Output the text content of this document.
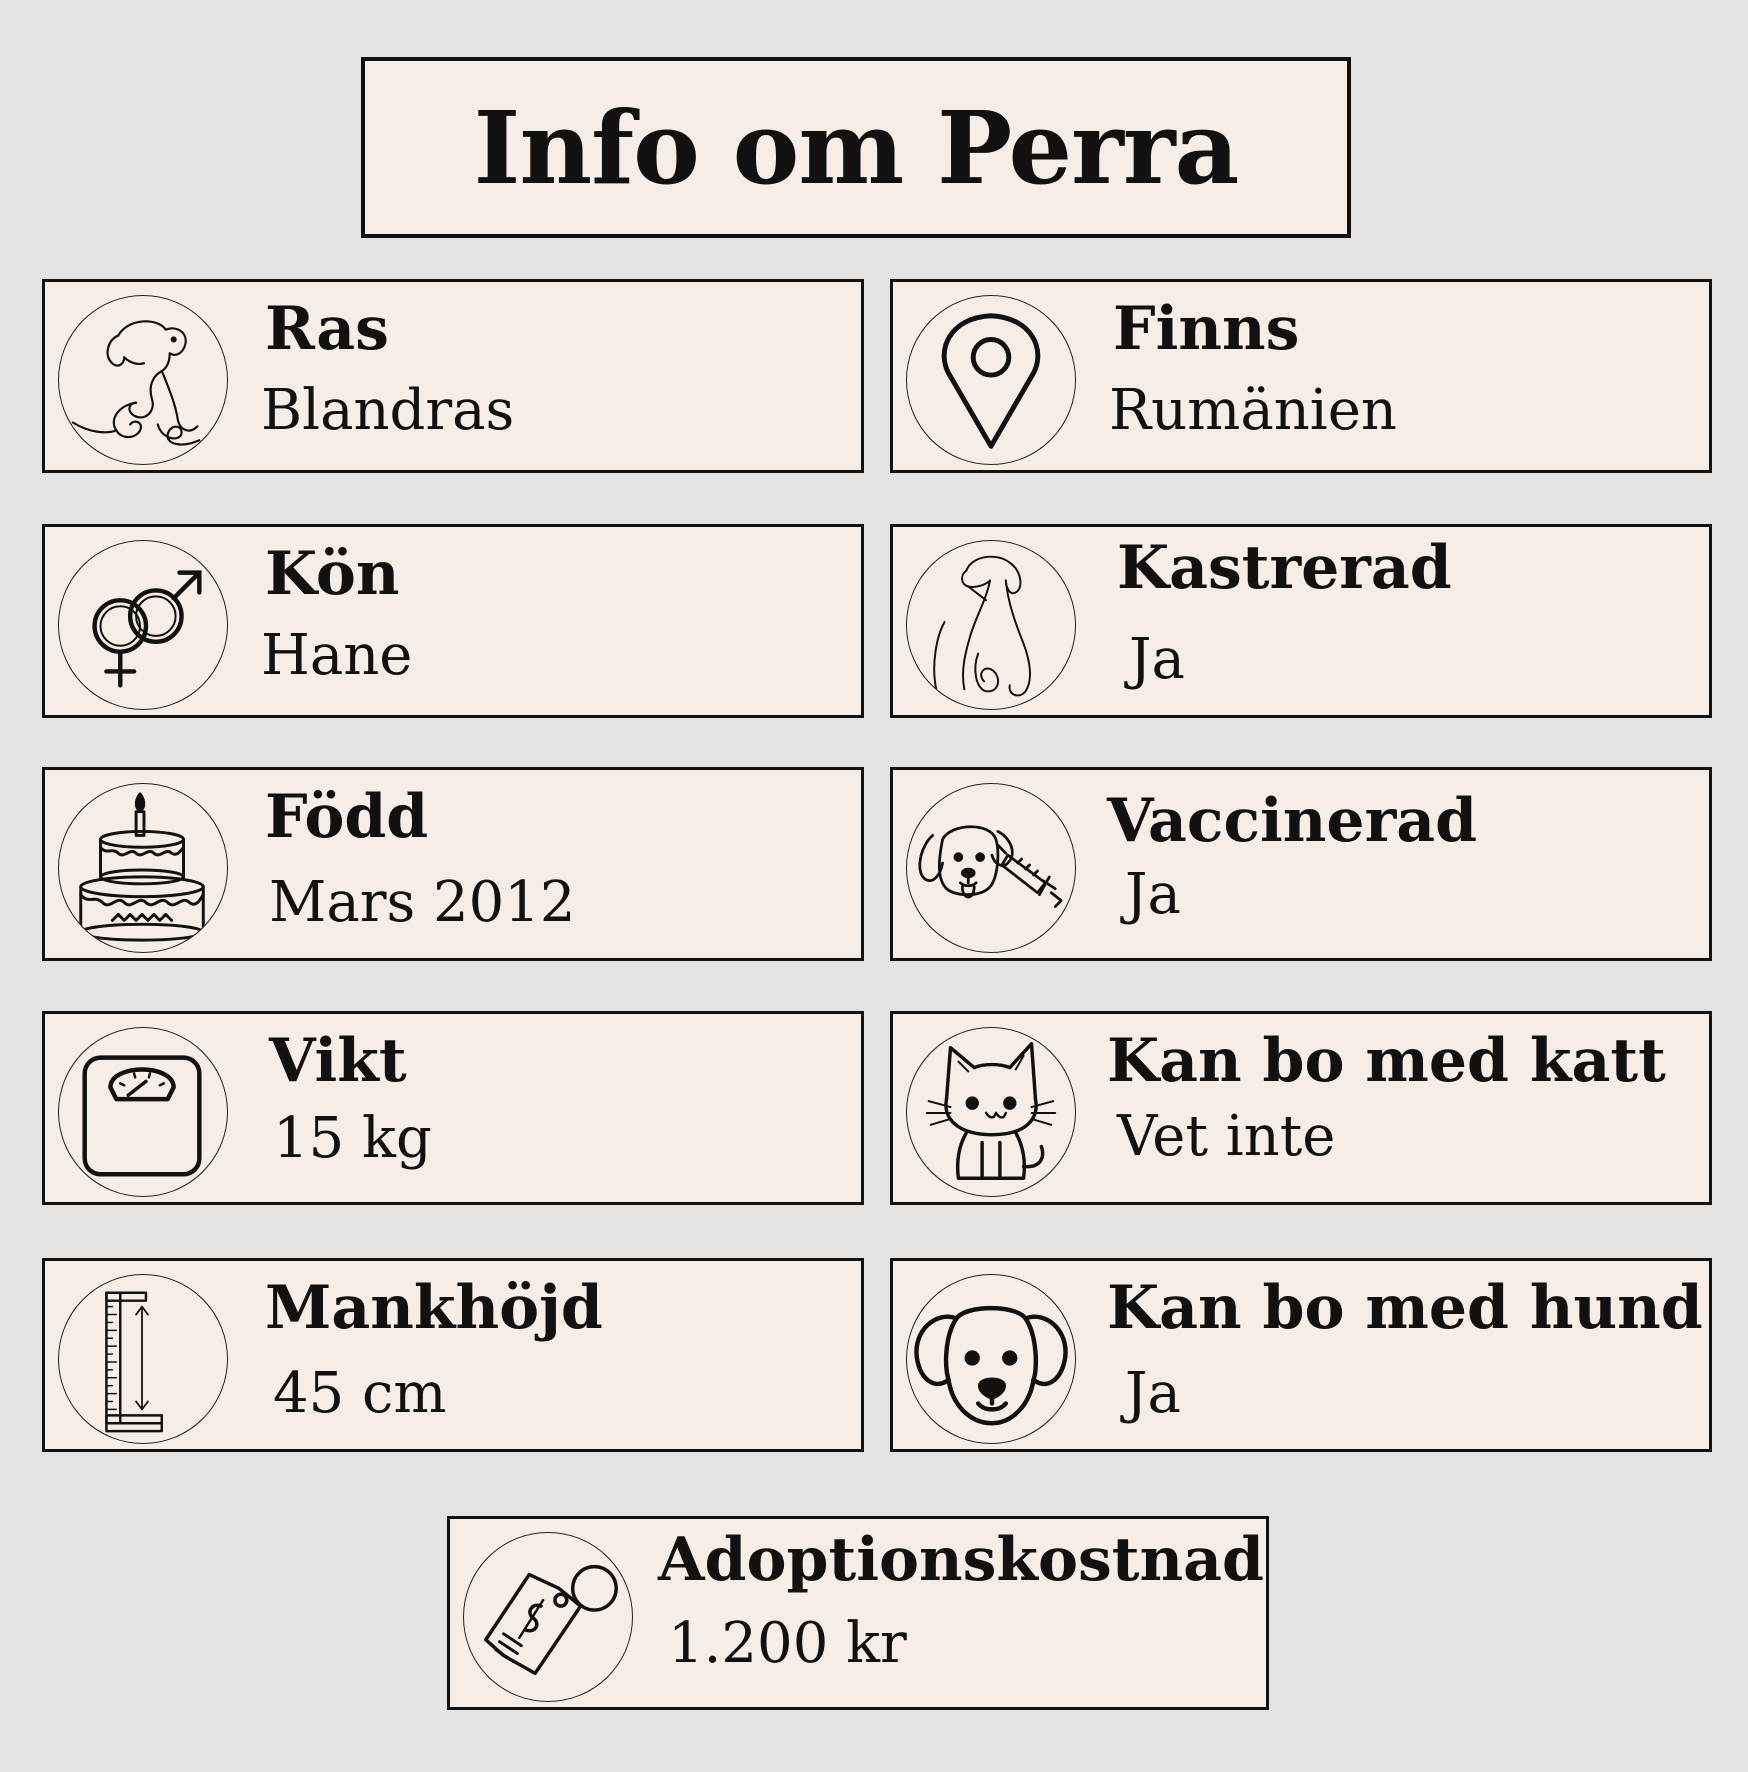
Info om Perra
Ras
Blandras
Finns
Rumänien
Kön
Hane
Kastrerad
Ja
Född
Mars 2012
Vaccinerad
Ja
Vikt
15 kg
Kan bo med katt
Vet inte
Mankhöjd
45 cm
Kan bo med hund
Ja
Adoptionskostnad
1.200 kr
